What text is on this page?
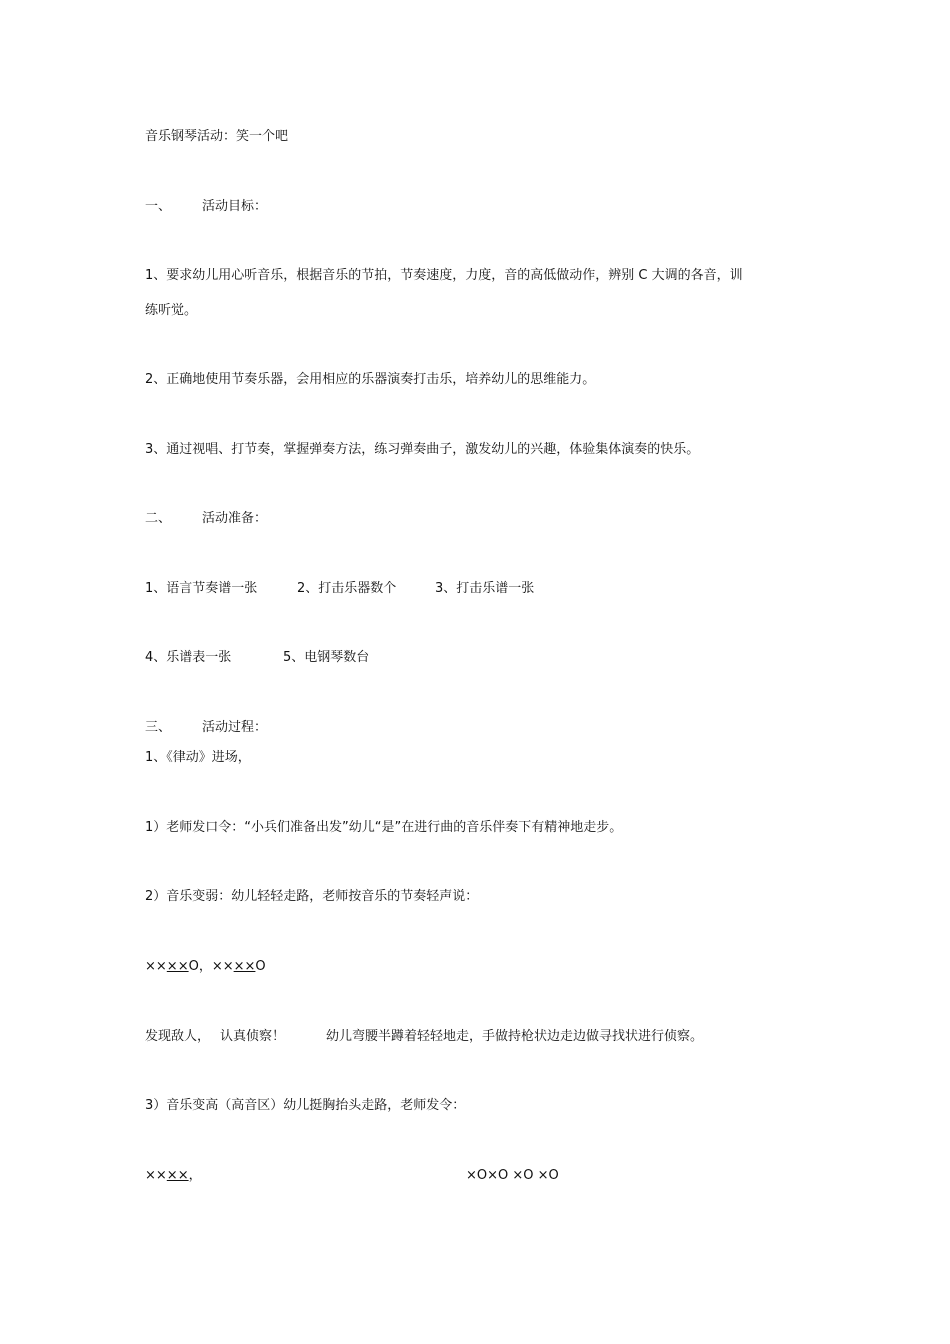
音乐钢琴活动：笑一个吧
一、 活动目标：
1、要求幼儿用心听音乐，根据音乐的节拍，节奏速度，力度，音的高低做动作，辨别 C 大调的各音，训
练听觉。
2、正确地使用节奏乐器，会用相应的乐器演奏打击乐，培养幼儿的思维能力。
3、通过视唱、打节奏，掌握弹奏方法，练习弹奏曲子，激发幼儿的兴趣，体验集体演奏的快乐。
二、 活动准备：
1、语言节奏谱一张	2、打击乐器数个	3、打击乐谱一张
4、乐谱表一张	5、电钢琴数台
三、 活动过程：
1、《律动》进场，
1）老师发口令：“小兵们准备出发”幼儿“是”在进行曲的音乐伴奏下有精神地走步。
2）音乐变弱：幼儿轻轻走路，老师按音乐的节奏轻声说：
××××O，××××O
发现敌人， 认真侦察！	幼儿弯腰半蹲着轻轻地走，手做持枪状边走边做寻找状进行侦察。
3）音乐变高（高音区）幼儿挺胸抬头走路，老师发令：
××××，	×O×O ×O ×O
